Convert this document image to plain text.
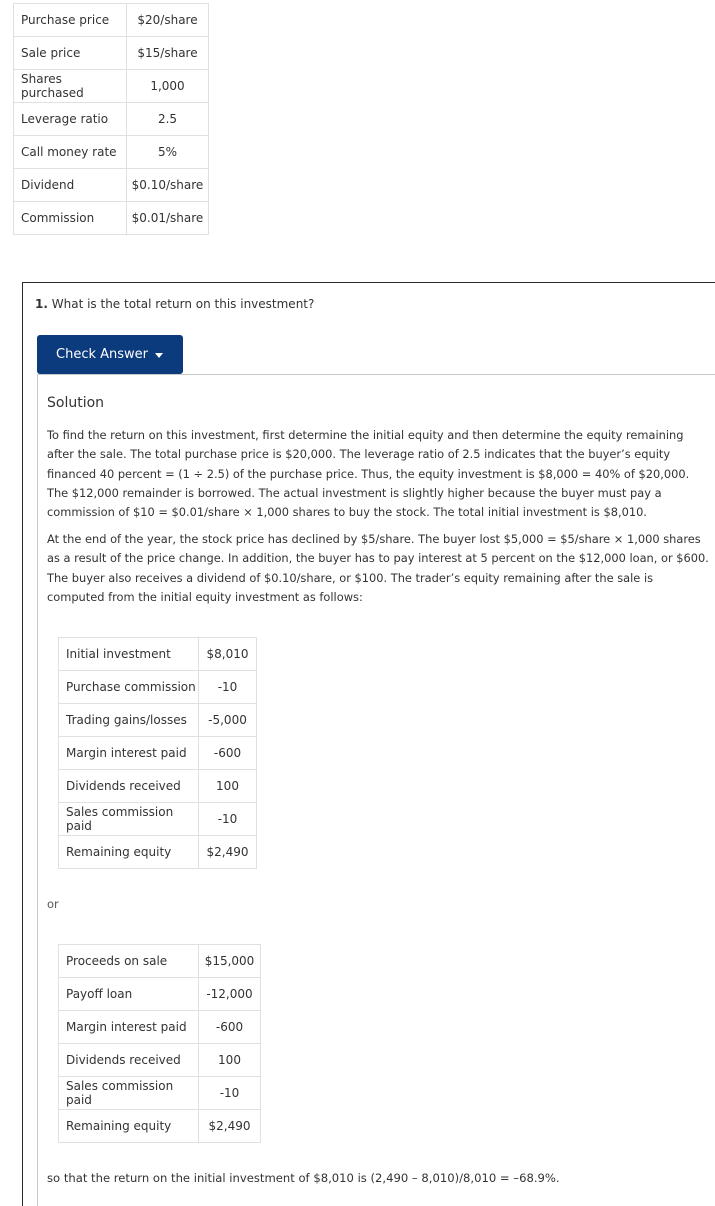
Purchase price	$20/share
Sale price	$15/share
Shares purchased	1,000
Leverage ratio	2.5
Call money rate	5%
Dividend	$0.10/share
Commission	$0.01/share
1. What is the total return on this investment?
Check Answer
Solution
To find the return on this investment, first determine the initial equity and then determine the equity remaining after the sale. The total purchase price is $20,000. The leverage ratio of 2.5 indicates that the buyer’s equity financed 40 percent = (1 ÷ 2.5) of the purchase price. Thus, the equity investment is $8,000 = 40% of $20,000. The $12,000 remainder is borrowed. The actual investment is slightly higher because the buyer must pay a commission of $10 = $0.01/share × 1,000 shares to buy the stock. The total initial investment is $8,010.
At the end of the year, the stock price has declined by $5/share. The buyer lost $5,000 = $5/share × 1,000 shares as a result of the price change. In addition, the buyer has to pay interest at 5 percent on the $12,000 loan, or $600. The buyer also receives a dividend of $0.10/share, or $100. The trader’s equity remaining after the sale is computed from the initial equity investment as follows:
Initial investment	$8,010
Purchase commission	-10
Trading gains/losses	-5,000
Margin interest paid	-600
Dividends received	100
Sales commission paid	-10
Remaining equity	$2,490
or
Proceeds on sale	$15,000
Payoff loan	-12,000
Margin interest paid	-600
Dividends received	100
Sales commission paid	-10
Remaining equity	$2,490
so that the return on the initial investment of $8,010 is (2,490 – 8,010)/8,010 = –68.9%.
